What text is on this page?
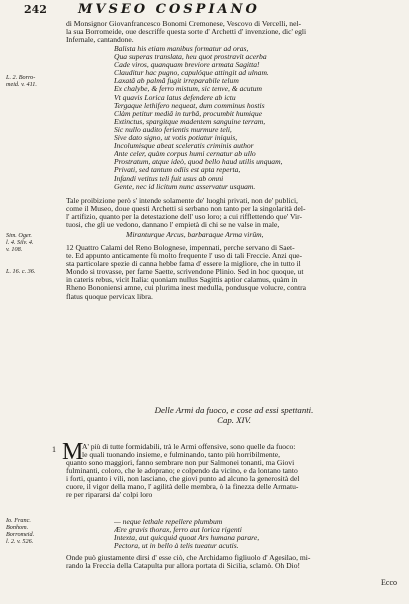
242 MVSEO COSPIANO
di Monsignor Giovanfrancesco Bonomi Cremonese, Vescovo di Vercelli, nel-
la sua Borromeide, oue descriffe questa sorte d' Archetti d' invenzione, dic' egli
Infernale, cantandone.
Balista his etiam manibus formatur ad oras,
Qua superas translata, heu quot prostravit acerba
Cade viros, quanquam breviore armata Sagitta!
Clauditur hac pugno, capulóque attingit ad ulnam.
Laxatâ ab palmâ fugit irreparabile telum
Ex chalybe, & ferro mistum, sic tenve, & acutum
Vt quavis Lorica latus defendere ab ictu
Tergaque lethifero nequeat, dum comminus hostis
Clàm petitur mediâ in turbâ, procumbit humique
Extinctus, spargitque madentem sanguine terram,
Sic nullo audito ferientis murmure teli,
Sive dato signo, ut votis potiatur iniquis,
Incolumisque abeat sceleratis criminis author
Ante celer, quàm corpus humi cernatur ab ullo
Prostratum, atque ideò, quod bello haud utilis unquam,
Privati, sed tantum odiis est apta reperta,
Infandi vetitus teli fuit usus ab omni
Gente, nec id licitum nunc asservatur usquam.
Tale proibizione però s' intende solamente de' luoghi privati, non de' publici,
come il Museo, doue questi Archetti si serbano non tanto per la singolarità del-
l' artifizio, quanto per la detestazione dell' uso loro; a cui rifflettendo que' Vir-
tuosi, che gli ue vedono, dannano l' empietà di chi se ne valse in male,
Miranturque Arcus, barbaraque Arma virûm,
12 Quattro Calami del Reno Bolognese, impennati, perche servano di Saet-
te. Ed appunto anticamente fù molto frequente l' uso di tali Freccie. Anzi que-
sta particolare spezie di canna hebbe fama d' essere la migliore, che in tutto il
Mondo si trovasse, per farne Saette, scrivendone Plinio. Sed in hoc quoque, ut
in cateris rebus, vicit Italia: quoniam nullus Sagittis aptior calamus, quàm in
Rheno Bononiensi amne, cui plurima inest medulla, pondusque volucre, contra
flatus quoque pervicax libra.
Delle Armi da fuoco, e cose ad essi spettanti.
Cap. XIV.
1 M
A' più di tutte formidabili, trà le Armi offensive, sono quelle da fuoco:
le quali tuonando insieme, e fulminando, tanto più horribilmente,
quanto sono maggiori, fanno sembrare non pur Salmonei tonanti, ma Giovi
fulminanti, coloro, che le adoprano; e colpendo da vicino, e da lontano tanto
i forti, quanto i vili, non lasciano, che giovi punto ad alcuno la generosità del
cuore, il vigor della mano, l' agilità delle membra, ò la finezza delle Armatu-
re per ripararsi da' colpi loro
— neque lethale repellere plumbum
Ære gravis thorax, ferro aut lorica rigenti
Intexta, aut quicquid quoat Ars humana parare,
Pectora, ut in bello à telis tueatur acutis.
Onde può giustamente dirsi d' esse ciò, che Archidamo figliuolo d' Agesilao, mi-
rando la Freccia della Catapulta pur allora portata di Sicilia, sclamò. Oh Dio!
Ecco
L. 2. Borro-
meid. v. 411.
Sim. Oger.
l. 4. Silv. 4.
v. 108.
L. 16. c. 36.
Io. Franc.
Bonhom.
Borromeid.
l. 2. v. 526.
